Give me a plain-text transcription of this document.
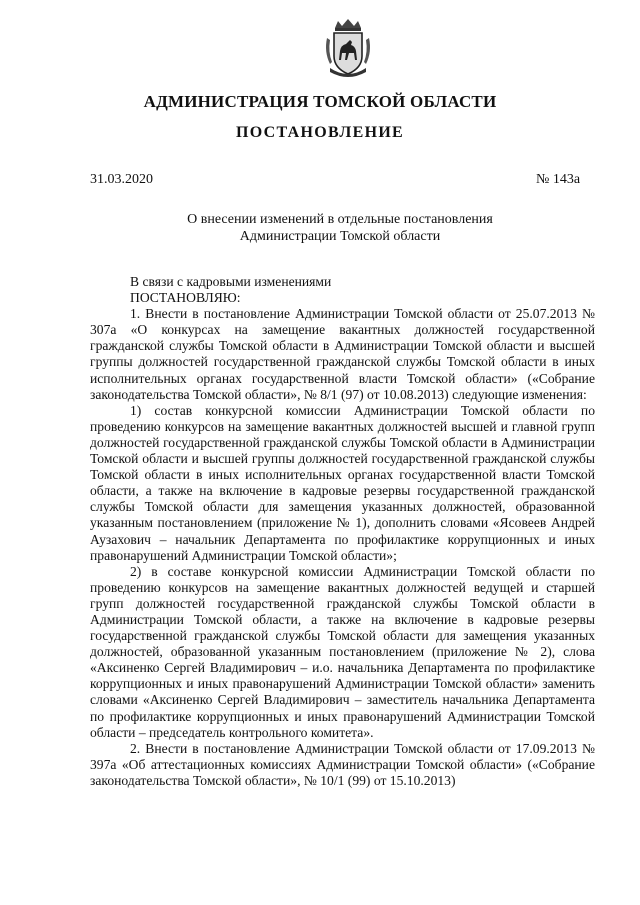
АДМИНИСТРАЦИЯ ТОМСКОЙ ОБЛАСТИ
ПОСТАНОВЛЕНИЕ
31.03.2020	№ 143а
О внесении изменений в отдельные постановления
Администрации Томской области

В связи с кадровыми изменениями

ПОСТАНОВЛЯЮ:

1. Внести в постановление Администрации Томской области от 25.07.2013 № 307а «О конкурсах на замещение вакантных должностей государственной гражданской службы Томской области в Администрации Томской области и высшей группы должностей государственной гражданской службы Томской области в иных исполнительных органах государственной власти Томской области» («Собрание законодательства Томской области», № 8/1 (97) от 10.08.2013) следующие изменения:

1) состав конкурсной комиссии Администрации Томской области по проведению конкурсов на замещение вакантных должностей высшей и главной групп должностей государственной гражданской службы Томской области в Администрации Томской области и высшей группы должностей государственной гражданской службы Томской области в иных исполнительных органах государственной власти Томской области, а также на включение в кадровые резервы государственной гражданской службы Томской области для замещения указанных должностей, образованной указанным постановлением (приложение № 1), дополнить словами «Ясовеев Андрей Аузахович – начальник Департамента по профилактике коррупционных и иных правонарушений Администрации Томской области»;

2) в составе конкурсной комиссии Администрации Томской области по проведению конкурсов на замещение вакантных должностей ведущей и старшей групп должностей государственной гражданской службы Томской области в Администрации Томской области, а также на включение в кадровые резервы государственной гражданской службы Томской области для замещения указанных должностей, образованной указанным постановлением (приложение № 2), слова «Аксиненко Сергей Владимирович – и.о. начальника Департамента по профилактике коррупционных и иных правонарушений Администрации Томской области» заменить словами «Аксиненко Сергей Владимирович – заместитель начальника Департамента по профилактике коррупционных и иных правонарушений Администрации Томской области – председатель контрольного комитета».

2. Внести в постановление Администрации Томской области от 17.09.2013 № 397а «Об аттестационных комиссиях Администрации Томской области» («Собрание законодательства Томской области», № 10/1 (99) от 15.10.2013)
